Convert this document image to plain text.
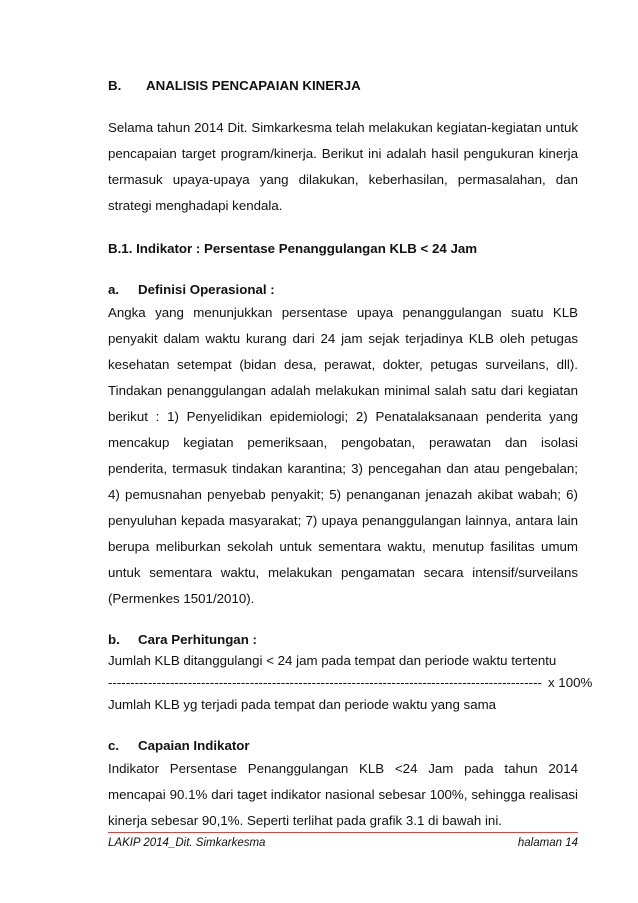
B.	ANALISIS PENCAPAIAN KINERJA

Selama tahun 2014 Dit. Simkarkesma telah melakukan kegiatan-kegiatan untuk pencapaian target program/kinerja. Berikut ini adalah hasil pengukuran kinerja termasuk upaya-upaya yang dilakukan, keberhasilan, permasalahan, dan strategi menghadapi kendala.

B.1. Indikator : Persentase Penanggulangan KLB < 24 Jam

a.	Definisi Operasional :

Angka yang menunjukkan persentase upaya penanggulangan suatu KLB penyakit dalam waktu kurang dari 24 jam sejak terjadinya KLB oleh petugas kesehatan setempat (bidan desa, perawat, dokter, petugas surveilans, dll). Tindakan penanggulangan adalah melakukan minimal salah satu dari kegiatan berikut : 1) Penyelidikan epidemiologi; 2) Penatalaksanaan penderita yang mencakup kegiatan pemeriksaan, pengobatan, perawatan dan isolasi penderita, termasuk tindakan karantina; 3) pencegahan dan atau pengebalan; 4) pemusnahan penyebab penyakit; 5) penanganan jenazah akibat wabah; 6) penyuluhan kepada masyarakat; 7) upaya penanggulangan lainnya, antara lain berupa meliburkan sekolah untuk sementara waktu, menutup fasilitas umum untuk sementara waktu, melakukan pengamatan secara intensif/surveilans (Permenkes 1501/2010).

b.	Cara Perhitungan :

Jumlah KLB ditanggulangi < 24 jam pada tempat dan periode waktu tertentu

-------------------------------------------------------------------------------------------------- x 100%

Jumlah KLB yg terjadi pada tempat dan periode waktu yang sama

c.	Capaian Indikator

Indikator Persentase Penanggulangan KLB <24 Jam pada tahun 2014 mencapai 90.1% dari taget indikator nasional sebesar 100%, sehingga realisasi kinerja sebesar 90,1%. Seperti terlihat pada grafik 3.1 di bawah ini.

LAKIP 2014_Dit. Simkarkesma	halaman 14
